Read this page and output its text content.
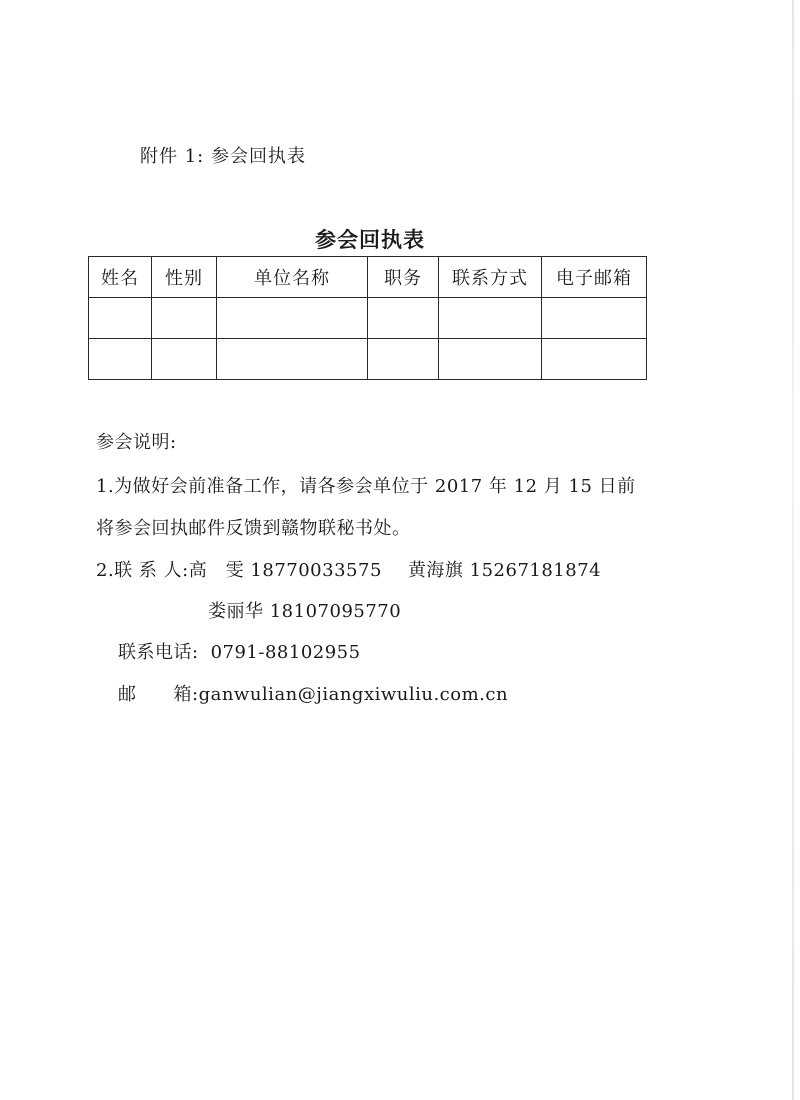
附件 1: 参会回执表
参会回执表
姓名	性别	单位名称	职务	联系方式	电子邮箱

参会说明:
1.为做好会前准备工作，请各参会单位于 2017 年 12 月 15 日前
将参会回执邮件反馈到赣物联秘书处。
2.联 系 人:高　雯 18770033575 黄海旗 15267181874
娄丽华 18107095770
联系电话: 0791-88102955
邮　　箱:ganwulian@jiangxiwuliu.com.cn
